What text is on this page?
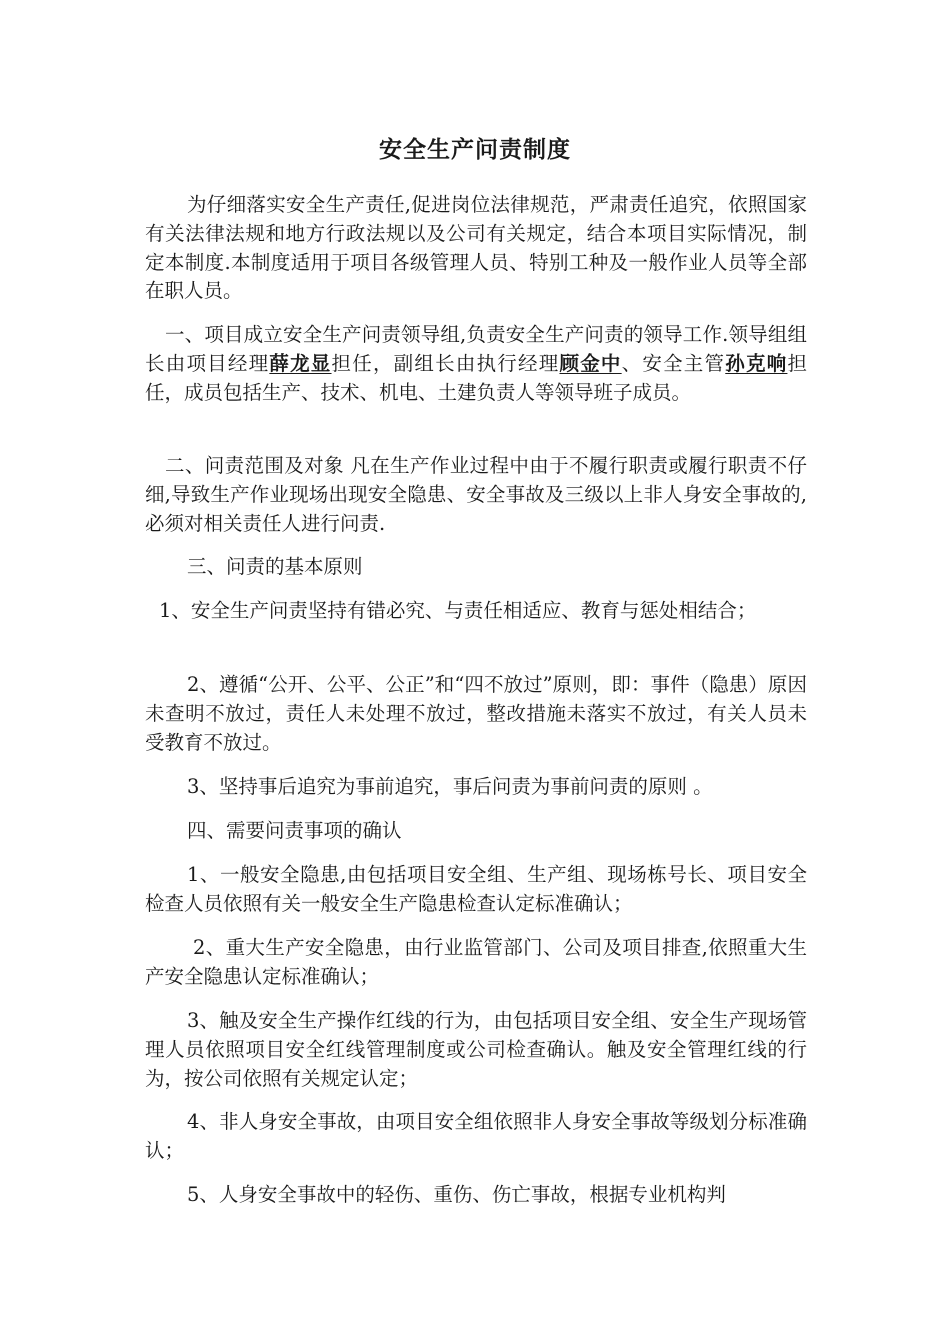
安全生产问责制度

为仔细落实安全生产责任,促进岗位法律规范，严肃责任追究，依照国家有关法律法规和地方行政法规以及公司有关规定，结合本项目实际情况，制定本制度.本制度适用于项目各级管理人员、特别工种及一般作业人员等全部在职人员。

一、项目成立安全生产问责领导组,负责安全生产问责的领导工作.领导组组长由项目经理薛龙显担任，副组长由执行经理顾金中、安全主管孙克响担任，成员包括生产、技术、机电、土建负责人等领导班子成员。

二、问责范围及对象 凡在生产作业过程中由于不履行职责或履行职责不仔细,导致生产作业现场出现安全隐患、安全事故及三级以上非人身安全事故的,必须对相关责任人进行问责.

三、问责的基本原则

1、安全生产问责坚持有错必究、与责任相适应、教育与惩处相结合；

2、遵循“公开、公平、公正”和“四不放过”原则，即：事件（隐患）原因未查明不放过，责任人未处理不放过，整改措施未落实不放过，有关人员未受教育不放过。

3、坚持事后追究为事前追究，事后问责为事前问责的原则 。

四、需要问责事项的确认

1、一般安全隐患,由包括项目安全组、生产组、现场栋号长、项目安全检查人员依照有关一般安全生产隐患检查认定标准确认；

2、重大生产安全隐患，由行业监管部门、公司及项目排查,依照重大生产安全隐患认定标准确认；

3、触及安全生产操作红线的行为，由包括项目安全组、安全生产现场管理人员依照项目安全红线管理制度或公司检查确认。触及安全管理红线的行为，按公司依照有关规定认定；

4、非人身安全事故，由项目安全组依照非人身安全事故等级划分标准确认；

5、人身安全事故中的轻伤、重伤、伤亡事故，根据专业机构判
